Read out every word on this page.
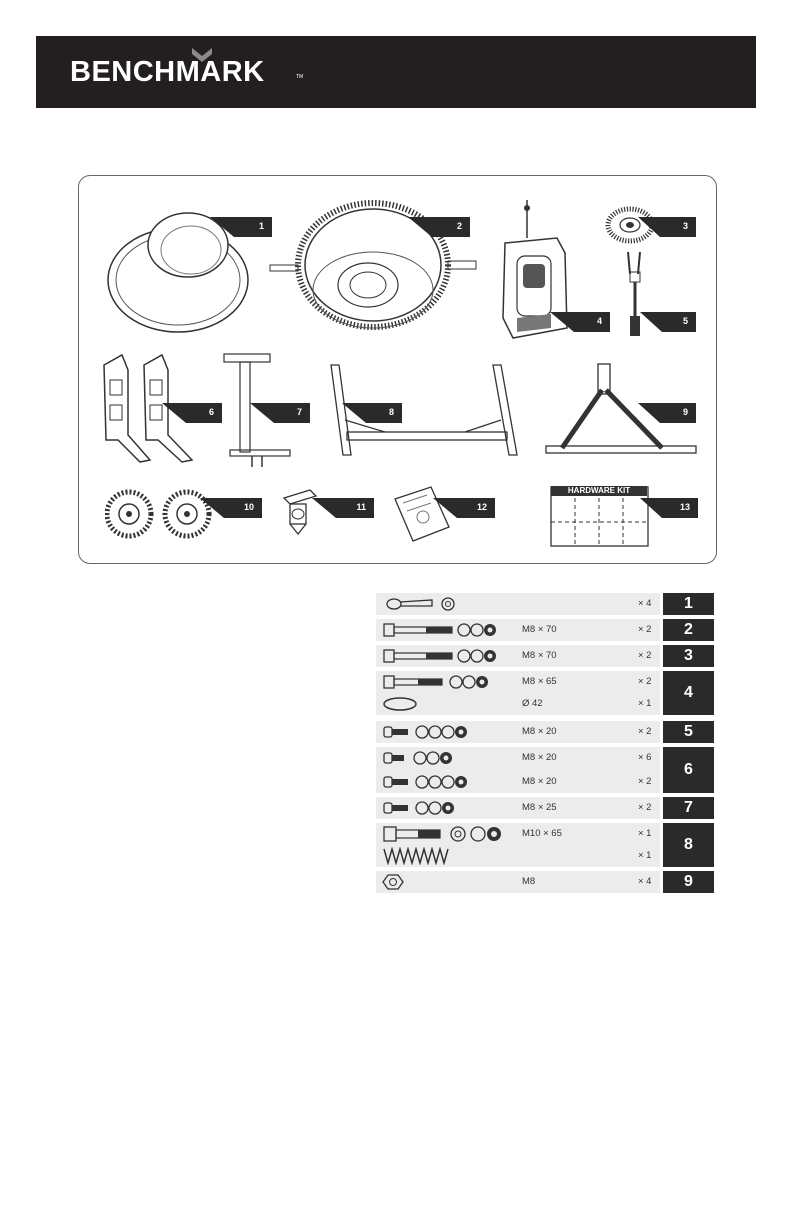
BENCHMARK	TM
HARDWARE KIT
1	2	3
4	5
6	7	8	9
10	11	12	13
× 4	1
M8 × 70	× 2	2
M8 × 70	× 2	3
M8 × 65	× 2
Ø 42	× 1
4
M8 × 20	× 2	5
M8 × 20	× 6
M8 × 20	× 2
6
M8 × 25	× 2	7
M10 × 65	× 1
× 1
8
M8	× 4	9
